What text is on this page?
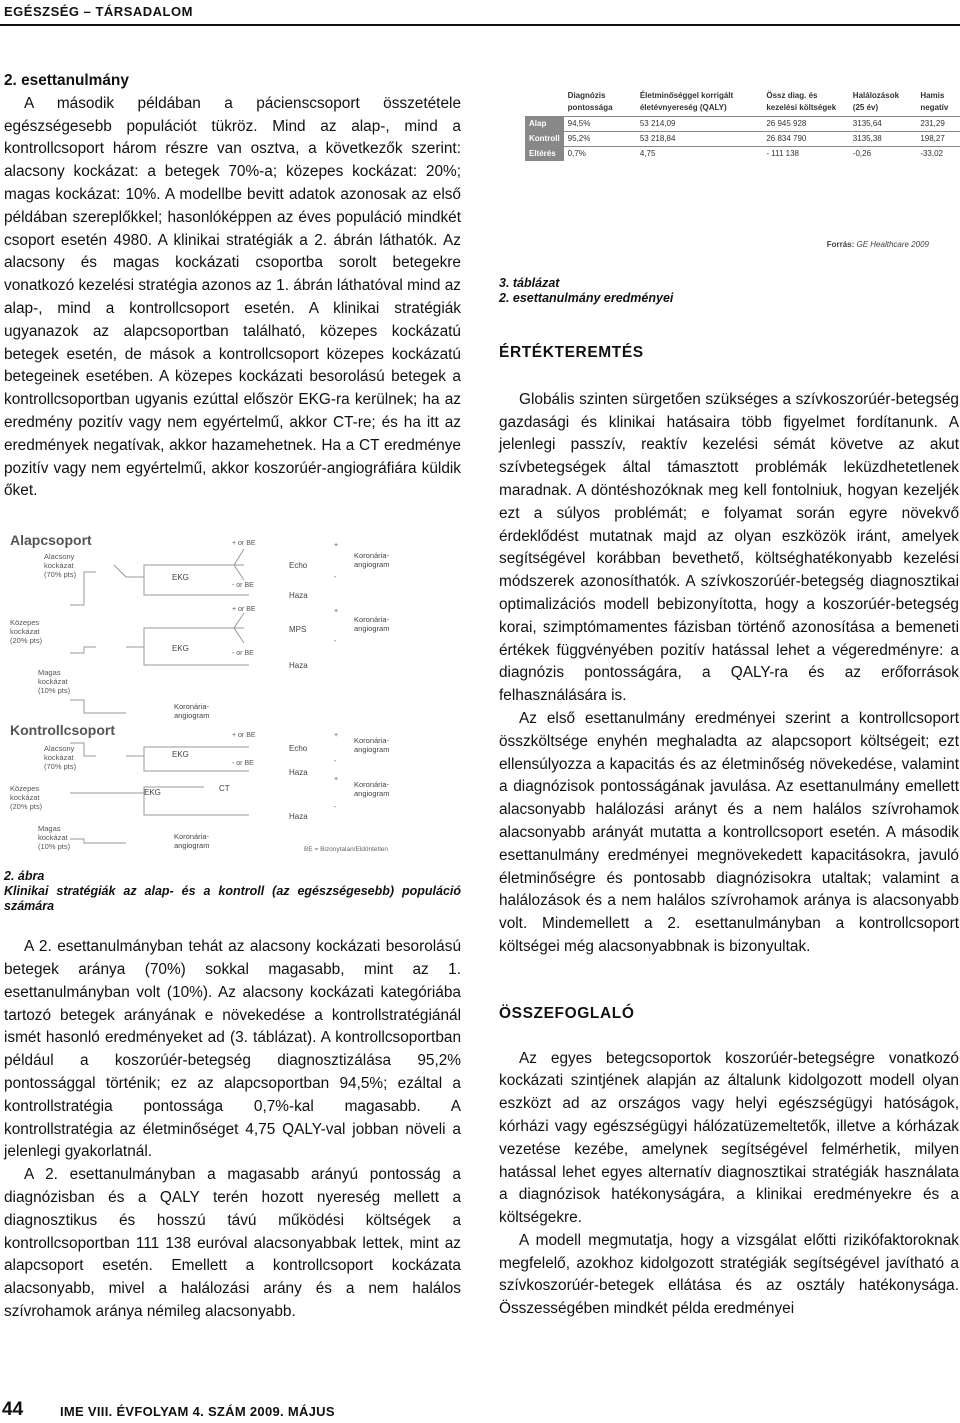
EGÉSZSÉG – TÁRSADALOM
2. esettanulmány

A második példában a pácienscsoport összetétele egészségesebb populációt tükröz. Mind az alap-, mind a kontrollcsoport három részre van osztva, a következők szerint: alacsony kockázat: a betegek 70%-a; közepes kockázat: 20%; magas kockázat: 10%. A modellbe bevitt adatok azonosak az első példában szereplőkkel; hasonlóképpen az éves populáció mindkét csoport esetén 4980. A klinikai stratégiák a 2. ábrán láthatók. Az alacsony és magas kockázati csoportba sorolt betegekre vonatkozó kezelési stratégia azonos az 1. ábrán láthatóval mind az alap-, mind a kontrollcsoport esetén. A klinikai stratégiák ugyanazok az alapcsoportban található, közepes kockázatú betegek esetén, de mások a kontrollcsoport közepes kockázatú betegeinek esetében. A közepes kockázati besorolású betegek a kontrollcsoportban ugyanis ezúttal először EKG-ra kerülnek; ha az eredmény pozitív vagy nem egyértelmű, akkor CT-re; és ha itt az eredmények negatívak, akkor hazamehetnek. Ha a CT eredménye pozitív vagy nem egyértelmű, akkor koszorúér-angiográfiára küldik őket.

Alapcsoport
Kontrollcsoport
Alacsony
kockázat
(70% pts)
Közepes
kockázat
(20% pts)
Magas
kockázat
(10% pts)
Alacsony
kockázat
(70% pts)
Közepes
kockázat
(20% pts)
Magas
kockázat
(10% pts)
EKG
EKG
EKG
EKG
Echo
MPS
Echo
CT
Haza
Haza
Haza
Haza
Koronária-
angiogram
Koronária-
angiogram
Koronária-
angiogram
Koronária-
angiogram
Koronária-
angiogram
Koronária-
angiogram
+ or BE
- or BE
+ or BE
- or BE
+ or BE
- or BE
+
-
+
-
+
-
+
-
BE = Bizonytalan/Eldöntetlen
2. ábra
Klinikai stratégiák az alap- és a kontroll (az egészségesebb) populáció számára

A 2. esettanulmányban tehát az alacsony kockázati besorolású betegek aránya (70%) sokkal magasabb, mint az 1. esettanulmányban volt (10%). Az alacsony kockázati kategóriába tartozó betegek arányának e növekedése a kontrollstratégiánál ismét hasonló eredményeket ad (3. táblázat). A kontrollcsoportban például a koszorúér-betegség diagnosztizálása 95,2% pontossággal történik; ez az alapcsoportban 94,5%; ezáltal a kontrollstratégia pontossága 0,7%-kal magasabb. A kontrollstratégia az életminőséget 4,75 QALY-val jobban növeli a jelenlegi gyakorlatnál.

A 2. esettanulmányban a magasabb arányú pontosság a diagnózisban és a QALY terén hozott nyereség mellett a diagnosztikus és hosszú távú működési költségek a kontrollcsoportban 111 138 euróval alacsonyabbak lettek, mint az alapcsoport esetén. Emellett a kontrollcsoport kockázata alacsonyabb, mivel a halálozási arány és a nem halálos szívrohamok aránya némileg alacsonyabb.

	Diagnózis pontossága	Életminőséggel korrigált életévnyereség (QALY)	Össz diag. és kezelési költségek	Halálozások (25 év)	Hamis negatív
Alap	94,5%	53 214,09	26 945 928	3135,64	231,29
Kontroll	95,2%	53 218,84	26 834 790	3135,38	198,27
Eltérés	0,7%	4,75	- 111 138	-0,26	-33,02
Forrás: GE Healthcare 2009
3. táblázat
2. esettanulmány eredményei
ÉRTÉKTEREMTÉS

Globális szinten sürgetően szükséges a szívkoszorúér-betegség gazdasági és klinikai hatásaira több figyelmet fordítanunk. A jelenlegi passzív, reaktív kezelési sémát követve az akut szívbetegségek által támasztott problémák leküzdhetetlenek maradnak. A döntéshozóknak meg kell fontolniuk, hogyan kezeljék ezt a súlyos problémát; e folyamat során egyre növekvő érdeklődést mutatnak majd az olyan eszközök iránt, amelyek segítségével korábban bevethető, költséghatékonyabb kezelési módszerek azonosíthatók. A szívkoszorúér-betegség diagnosztikai optimalizációs modell bebizonyította, hogy a koszorúér-betegség korai, szimptómamentes fázisban történő azonosítása a bemeneti értékek függvényében pozitív hatással lehet a végeredményre: a diagnózis pontosságára, a QALY-ra és az erőforrások felhasználására is.

Az első esettanulmány eredményei szerint a kontrollcsoport összköltsége enyhén meghaladta az alapcsoport költségeit; ezt ellensúlyozza a kapacitás és az életminőség növekedése, valamint a diagnózisok pontosságának javulása. Az esettanulmány emellett alacsonyabb halálozási arányt és a nem halálos szívrohamok alacsonyabb arányát mutatta a kontrollcsoport esetén. A második esettanulmány eredményei megnövekedett kapacitásokra, javuló életminőségre és pontosabb diagnózisokra utaltak; valamint a halálozások és a nem halálos szívrohamok aránya is alacsonyabb volt. Mindemellett a 2. esettanulmányban a kontrollcsoport költségei még alacsonyabbnak is bizonyultak.

ÖSSZEFOGLALÓ

Az egyes betegcsoportok koszorúér-betegségre vonatkozó kockázati szintjének alapján az általunk kidolgozott modell olyan eszközt ad az országos vagy helyi egészségügyi hatóságok, kórházi vagy egészségügyi hálózatüzemeltetők, illetve a kórházak vezetése kezébe, amelynek segítségével felmérhetik, milyen hatással lehet egyes alternatív diagnosztikai stratégiák használata a diagnózisok hatékonyságára, a klinikai eredményekre és a költségekre.

A modell megmutatja, hogy a vizsgálat előtti rizikófaktoroknak megfelelő, azokhoz kidolgozott stratégiák segítségével javítható a szívkoszorúér-betegek ellátása és az osztály hatékonysága. Összességében mindkét példa eredményei

44	IME VIII. ÉVFOLYAM 4. SZÁM 2009. MÁJUS
